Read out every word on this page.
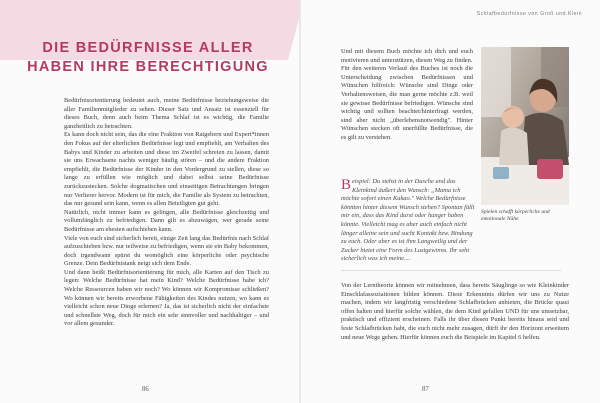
DIE BEDÜRFNISSE ALLER HABEN IHRE BERECHTIGUNG

Bedürfnisorientierung bedeutet auch, meine Bedürfnisse beziehungsweise die aller Familienmitglieder zu sehen. Dieser Satz und Ansatz ist essenziell für dieses Buch, denn auch beim Thema Schlaf ist es wichtig, die Familie ganzheitlich zu betrachten.

Es kann doch nicht sein, das die eine Fraktion von Ratgebern und Expert*innen den Fokus auf der elterlichen Bedürfnisse legt und empfiehlt, am Verhalten des Babys und Kinder zu arbeiten und diese im Zweifel schreien zu lassen, damit sie uns Erwachsene nachts weniger häufig stören – und die andere Fraktion empfiehlt, die Bedürfnisse der Kinder in den Vordergrund zu stellen, diese so lange zu erfüllen wie möglich und dabei selbst seine Bedürfnisse zurückzustecken. Solche dogmatischen und einseitigen Betrachtungen bringen nur Verlierer hervor. Modern ist für mich, die Familie als System zu betrachten, das nur gesund sein kann, wenn es allen Beteiligten gut geht.

Natürlich, nicht immer kann es gelingen, alle Bedürfnisse gleichzeitig und vollumfänglich zu befriedigen. Dann gilt es abzuwägen, wer gerade seine Bedürfnisse am ehesten aufschieben kann.

Viele von euch sind sicherlich bereit, einige Zeit lang das Bedürfnis nach Schlaf aufzuschieben bzw. nur teilweise zu befriedigen, wenn sie ein Baby bekommen, doch irgendwann spürst du womöglich eine körperliche oder psychische Grenze. Dein Bedürfnistank neigt sich dem Ende.

Und dann heißt Bedürfnisorientierung für mich, alle Karten auf den Tisch zu legen: Welche Bedürfnisse hat mein Kind? Welche Bedürfnisse habe ich? Welche Ressourcen haben wir noch? Wo können wir Kompromisse schließen? Wo können wir bereits erworbene Fähigkeiten des Kindes nutzen, wo kann es vielleicht schon neue Dinge erlernen? Ja, das ist sicherlich nicht der einfachste und schnellste Weg, doch für mich ein sehr sinnvoller und nachhaltiger – und vor allem gesunder.

86
Schlafbedürfnisse von Groß und Klein

Und mit diesem Buch möchte ich dich und euch motivieren und unterstützen, diesen Weg zu finden.

Für den weiteren Verlauf des Buches ist noch die Unterscheidung zwischen Bedürfnissen und Wünschen hilfreich: Wünsche sind Dinge oder Verhaltensweisen, die man gerne möchte z.B. weil sie gewisse Bedürfnisse befriedigen. Wünsche sind wichtig und sollten beachtet/hinterfragt werden, sind aber nicht „überlebensnotwendig". Hinter Wünschen stecken oft unerfüllte Bedürfnisse, die es gilt zu verstehen.

Spielen schafft körperliche und emotionale Nähe
Beispiel: Du stehst in der Dusche und das Kleinkind äußert den Wunsch: „Mama ich möchte sofort einen Kakao." Welche Bedürfnisse könnten hinter diesem Wunsch stehen? Spontan fällt mir ein, dass das Kind durst oder hunger haben könnte. Vielleicht mag es aber auch einfach nicht länger alleine sein und sucht Kontakt bzw. Bindung zu euch. Oder aber es ist ihm Langweilig und der Zucker bietet eine Form des Lustgewinns. Ihr seht sicherlich was ich meine....

Von der Lerntheorie können wir mitnehmen, dass bereits Säuglinge so wie Kleinkinder Einschlafassoziationen bilden können. Diese Erkenntnis dürfen wir uns zu Nutze machen, indem wir langfristig verschiedene Schlafbrücken anbieten, die Brücke quasi offen halten und hierfür solche wählen, die dem Kind gefallen UND für uns umsetzbar, praktisch und effizient erscheinen. Falls ihr über diesen Punkt bereits hinaus seid und feste Schlafbrücken habt, die euch nicht mehr zusagen, dürft ihr den Horizont erweitern und neue Wege gehen. Hierfür können euch die Beispiele im Kapitel 6 helfen.

87
